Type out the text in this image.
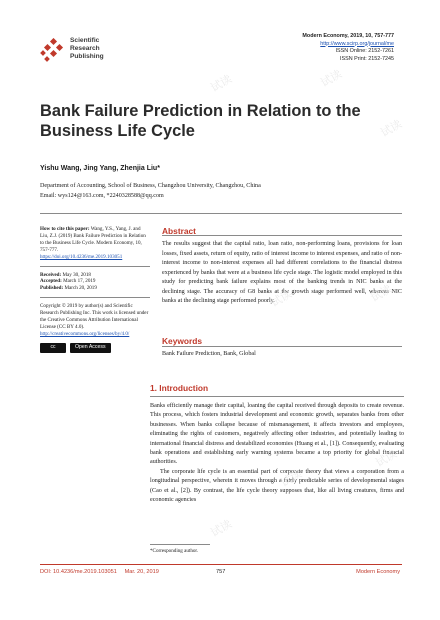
Scientific
Research
Publishing
Modern Economy, 2019, 10, 757-777
http://www.scirp.org/journal/me
ISSN Online: 2152-7261
ISSN Print: 2152-7245
Bank Failure Prediction in Relation to the Business Life Cycle
Yishu Wang, Jing Yang, Zhenjia Liu*
Department of Accounting, School of Business, Changzhou University, Changzhou, China
Email: wys124@163.com, *2240328588@qq.com

How to cite this paper: Wang, Y.S., Yang, J. and Liu, Z.J. (2019) Bank Failure Prediction in Relation to the Business Life Cycle. Modern Economy, 10, 757-777.
https://doi.org/10.4236/me.2019.103051

Received: May 30, 2018
Accepted: March 17, 2019
Published: March 20, 2019

Copyright © 2019 by author(s) and Scientific Research Publishing Inc. This work is licensed under the Creative Commons Attribution International License (CC BY 4.0).
http://creativecommons.org/licenses/by/4.0/

cc	Open Access
Abstract
The results suggest that the capital ratio, loan ratio, non-performing loans, provisions for loan losses, fixed assets, return of equity, ratio of interest income to interest expenses, and ratio of non-interest income to non-interest expenses all had different correlations to the financial distress experienced by banks that were at a business life cycle stage. The logistic model employed in this study for predicting bank failure explains most of the banking trends in NIC banks at the declining stage. The accuracy of G8 banks at the growth stage performed well, whereas NIC banks at the declining stage performed poorly.
Keywords
Bank Failure Prediction, Bank, Global
1. Introduction

Banks efficiently manage their capital, loaning the capital received through deposits to create revenue. This process, which fosters industrial development and economic growth, separates banks from other businesses. When banks collapse because of mismanagement, it affects investors and employees, eliminating the rights of customers, negatively affecting other industries, and potentially leading to international financial distress and destabilized economies (Huang et al., [1]). Consequently, evaluating bank operations and establishing early warning systems became a top priority for global financial authorities.

The corporate life cycle is an essential part of corporate theory that views a corporation from a longitudinal perspective, wherein it moves through a fairly predictable series of developmental stages (Cao et al., [2]). By contrast, the life cycle theory supposes that, like all living creatures, firms and economic agencies

*Corresponding author.
DOI: 10.4236/me.2019.103051 Mar. 20, 2019	757	Modern Economy
试读	试读
试读
试读	试读
试读
试读
试读
